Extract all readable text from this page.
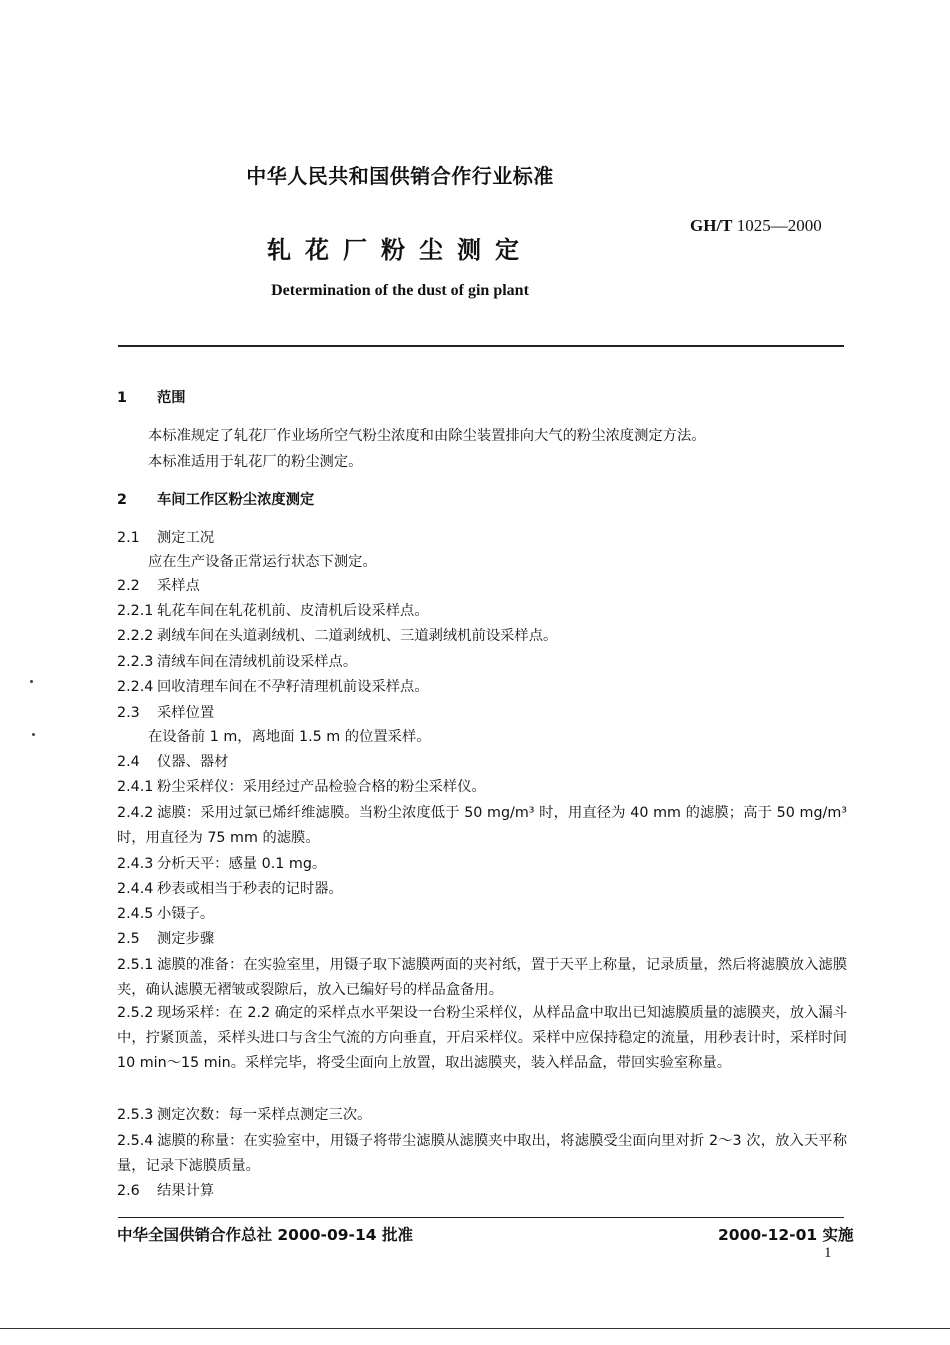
中华人民共和国供销合作行业标准
GH/T 1025—2000
轧花厂粉尘测定
Determination of the dust of gin plant
1 范围
本标准规定了轧花厂作业场所空气粉尘浓度和由除尘装置排向大气的粉尘浓度测定方法。
本标准适用于轧花厂的粉尘测定。
2 车间工作区粉尘浓度测定
2.1 测定工况
应在生产设备正常运行状态下测定。
2.2 采样点
2.2.1 轧花车间在轧花机前、皮清机后设采样点。
2.2.2 剥绒车间在头道剥绒机、二道剥绒机、三道剥绒机前设采样点。
2.2.3 清绒车间在清绒机前设采样点。
2.2.4 回收清理车间在不孕籽清理机前设采样点。
2.3 采样位置
在设备前 1 m，离地面 1.5 m 的位置采样。
2.4 仪器、器材
2.4.1 粉尘采样仪：采用经过产品检验合格的粉尘采样仪。
2.4.2 滤膜：采用过氯已烯纤维滤膜。当粉尘浓度低于 50 mg/m³ 时，用直径为 40 mm 的滤膜；高于 50 mg/m³时，用直径为 75 mm 的滤膜。
2.4.3 分析天平：感量 0.1 mg。
2.4.4 秒表或相当于秒表的记时器。
2.4.5 小镊子。
2.5 测定步骤
2.5.1 滤膜的准备：在实验室里，用镊子取下滤膜两面的夹衬纸，置于天平上称量，记录质量，然后将滤膜放入滤膜夹，确认滤膜无褶皱或裂隙后，放入已编好号的样品盒备用。
2.5.2 现场采样：在 2.2 确定的采样点水平架设一台粉尘采样仪，从样品盒中取出已知滤膜质量的滤膜夹，放入漏斗中，拧紧顶盖，采样头进口与含尘气流的方向垂直，开启采样仪。采样中应保持稳定的流量，用秒表计时，采样时间 10 min～15 min。采样完毕，将受尘面向上放置，取出滤膜夹，装入样品盒，带回实验室称量。
2.5.3 测定次数：每一采样点测定三次。
2.5.4 滤膜的称量：在实验室中，用镊子将带尘滤膜从滤膜夹中取出，将滤膜受尘面向里对折 2～3 次，放入天平称量，记录下滤膜质量。
2.6 结果计算
中华全国供销合作总社 2000-09-14 批准	2000-12-01 实施
1
